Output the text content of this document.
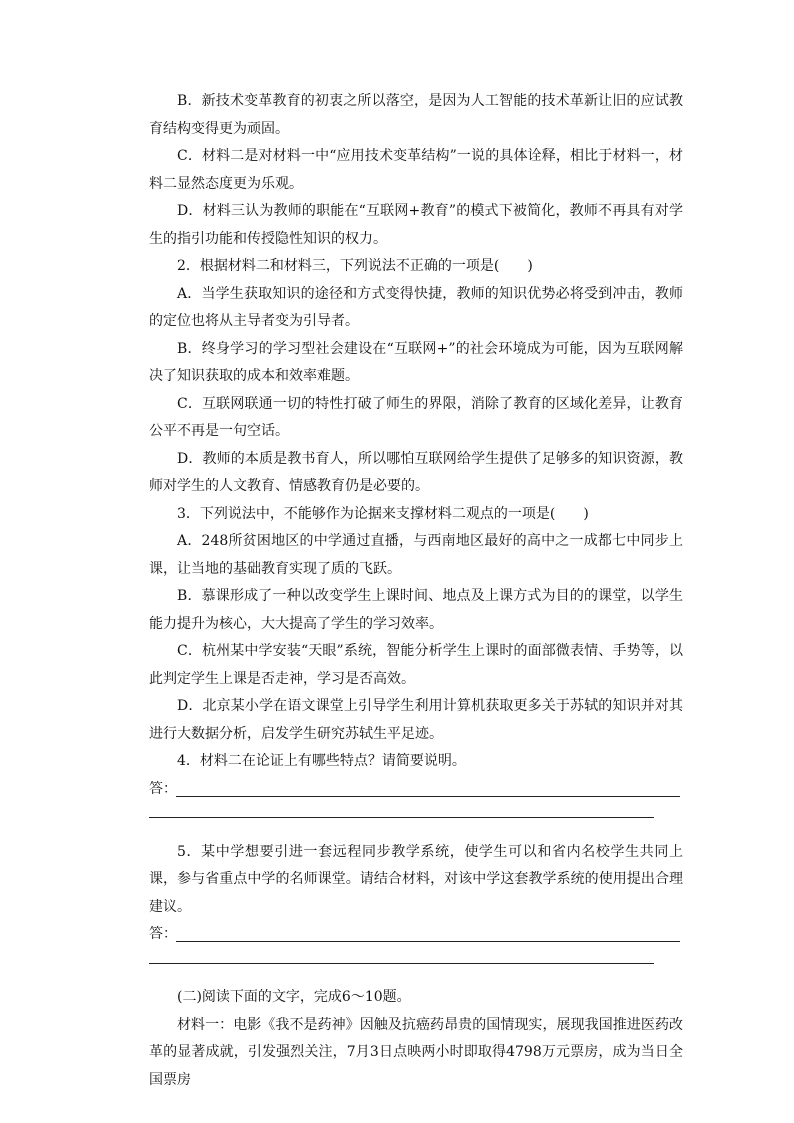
B．新技术变革教育的初衷之所以落空，是因为人工智能的技术革新让旧的应试教育结构变得更为顽固。

C．材料二是对材料一中“应用技术变革结构”一说的具体诠释，相比于材料一，材料二显然态度更为乐观。

D．材料三认为教师的职能在“互联网+教育”的模式下被简化，教师不再具有对学生的指引功能和传授隐性知识的权力。

2．根据材料二和材料三，下列说法不正确的一项是(　　)

A．当学生获取知识的途径和方式变得快捷，教师的知识优势必将受到冲击，教师的定位也将从主导者变为引导者。

B．终身学习的学习型社会建设在“互联网+”的社会环境成为可能，因为互联网解决了知识获取的成本和效率难题。

C．互联网联通一切的特性打破了师生的界限，消除了教育的区域化差异，让教育公平不再是一句空话。

D．教师的本质是教书育人，所以哪怕互联网给学生提供了足够多的知识资源，教师对学生的人文教育、情感教育仍是必要的。

3．下列说法中，不能够作为论据来支撑材料二观点的一项是(　　)

A．248所贫困地区的中学通过直播，与西南地区最好的高中之一成都七中同步上课，让当地的基础教育实现了质的飞跃。

B．慕课形成了一种以改变学生上课时间、地点及上课方式为目的的课堂，以学生能力提升为核心，大大提高了学生的学习效率。

C．杭州某中学安装“天眼”系统，智能分析学生上课时的面部微表情、手势等，以此判定学生上课是否走神，学习是否高效。

D．北京某小学在语文课堂上引导学生利用计算机获取更多关于苏轼的知识并对其进行大数据分析，启发学生研究苏轼生平足迹。

4．材料二在论证上有哪些特点？请简要说明。

答：

5．某中学想要引进一套远程同步教学系统，使学生可以和省内名校学生共同上课，参与省重点中学的名师课堂。请结合材料，对该中学这套教学系统的使用提出合理建议。

答：

(二)阅读下面的文字，完成6～10题。

材料一：电影《我不是药神》因触及抗癌药昂贵的国情现实，展现我国推进医药改革的显著成就，引发强烈关注，7月3日点映两小时即取得4798万元票房，成为当日全国票房
